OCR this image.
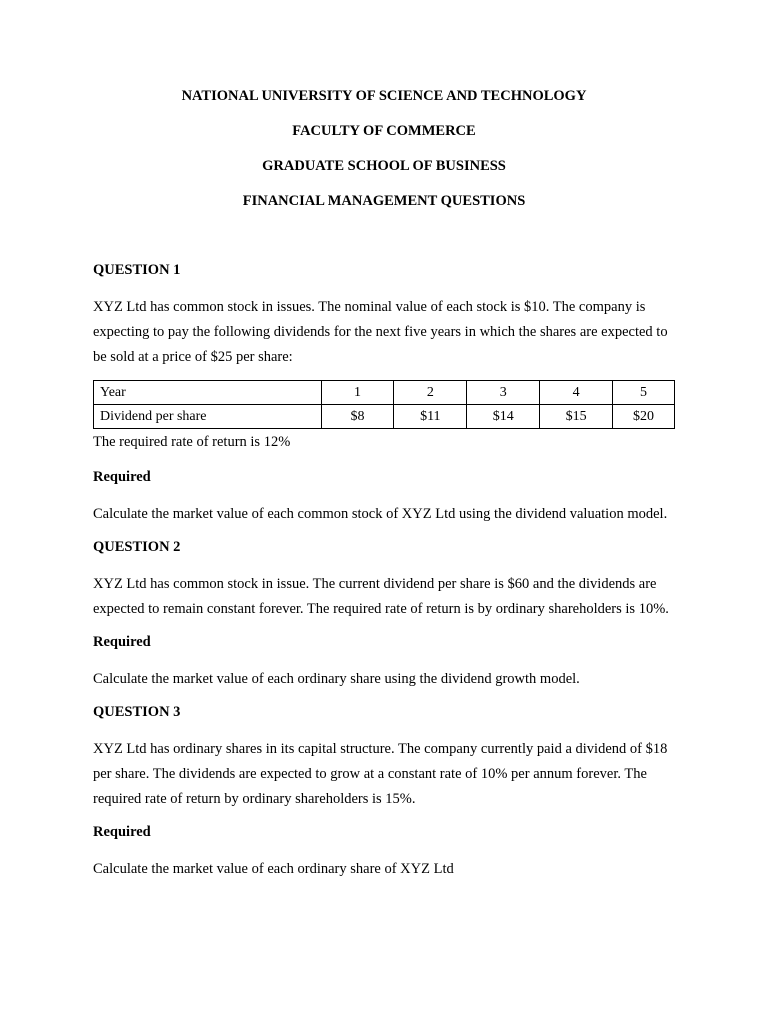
NATIONAL UNIVERSITY OF SCIENCE AND TECHNOLOGY
FACULTY OF COMMERCE
GRADUATE SCHOOL OF BUSINESS
FINANCIAL MANAGEMENT QUESTIONS
QUESTION 1
XYZ Ltd has common stock in issues. The nominal value of each stock is $10. The company is expecting to pay the following dividends for the next five years in which the shares are expected to be sold at a price of $25 per share:
Year	1	2	3	4	5
Dividend per share	$8	$11	$14	$15	$20
The required rate of return is 12%
Required
Calculate the market value of each common stock of XYZ Ltd using the dividend valuation model.
QUESTION 2
XYZ Ltd has common stock in issue. The current dividend per share is $60 and the dividends are expected to remain constant forever. The required rate of return is by ordinary shareholders is 10%.
Required
Calculate the market value of each ordinary share using the dividend growth model.
QUESTION 3
XYZ Ltd has ordinary shares in its capital structure. The company currently paid a dividend of $18 per share. The dividends are expected to grow at a constant rate of 10% per annum forever. The required rate of return by ordinary shareholders is 15%.
Required
Calculate the market value of each ordinary share of XYZ Ltd
